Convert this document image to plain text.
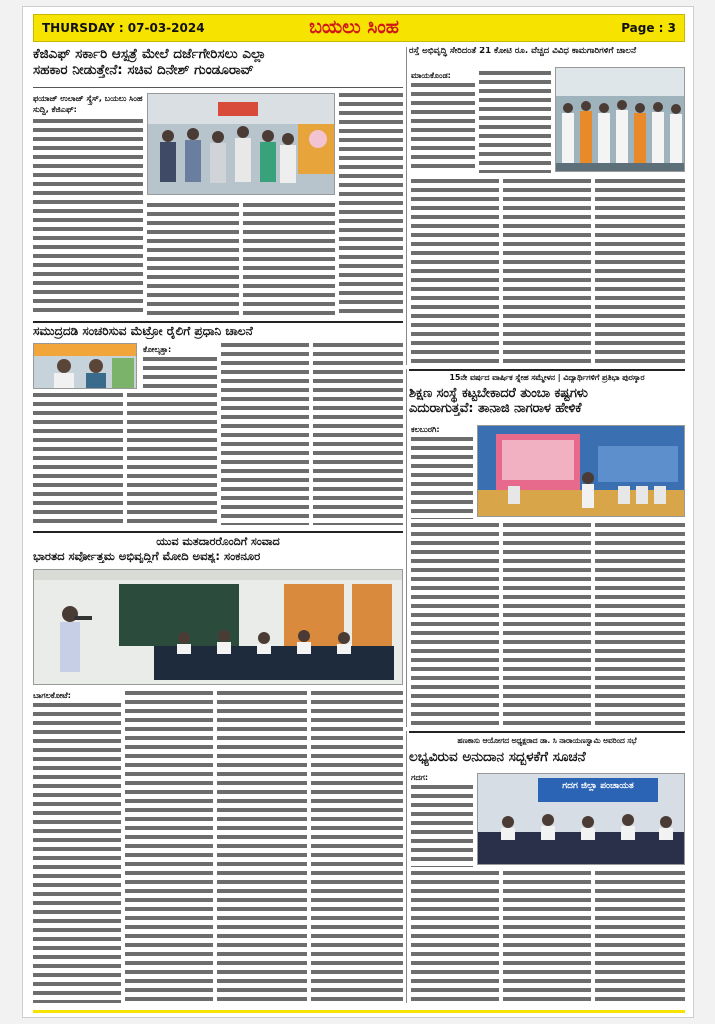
THURSDAY : 07-03-2024	ಬಯಲು ಸಿಂಹ	Page : 3
ಕೆಜಿಎಫ್ ಸರ್ಕಾರಿ ಆಸ್ಪತ್ರೆ ಮೇಲೆ ದರ್ಜೆಗೇರಿಸಲು ಎಲ್ಲಾ
ಸಹಕಾರ ನೀಡುತ್ತೇನೆ: ಸಚಿವ ದಿನೇಶ್ ಗುಂಡೂರಾವ್
ಫಯಾಜ್ ಉಲಾಜ್ ಸ್ಕ್ರೆಸ್, ಬಯಲು ಸಿಂಹ ಸುದ್ದಿ, ಕೆಜಿಎಫ್:
ರಸ್ತೆ ಅಭಿವೃದ್ಧಿ ಸೇರಿದಂತೆ 21 ಕೋಟಿ ರೂ. ವೆಚ್ಚದ ವಿವಿಧ ಕಾಮಗಾರಿಗಳಿಗೆ ಚಾಲನೆ
ಮಾಯಕೊಂಡ:
ಸಮುದ್ರದಡಿ ಸಂಚರಿಸುವ ಮೆಟ್ರೋ ರೈಲಿಗೆ ಪ್ರಧಾನಿ ಚಾಲನೆ
ಕೋಲ್ಕತ್ತಾ:
ಯುವ ಮತದಾರರೊಂದಿಗೆ ಸಂವಾದ
ಭಾರತದ ಸರ್ವೋತ್ತಮ ಅಭಿವೃದ್ಧಿಗೆ ಮೋದಿ ಅವಶ್ಯ: ಸಂಕನೂರ
ಬಾಗಲಕೋಟೆ:
15ನೇ ವರ್ಷದ ವಾರ್ಷಿಕ ಸ್ನೇಹ ಸಮ್ಮೇಳನ | ವಿದ್ಯಾರ್ಥಿಗಳಿಗೆ ಪ್ರತಿಭಾ ಪುರಸ್ಕಾರ
ಶಿಕ್ಷಣ ಸಂಸ್ಥೆ ಕಟ್ಟಬೇಕಾದರೆ ತುಂಬಾ ಕಷ್ಟಗಳು
ಎದುರಾಗುತ್ತವೆ: ತಾನಾಜಿ ನಾಗರಾಳ ಹೇಳಿಕೆ
ಕಲಬುರಗಿ:
ಹಣಕಾಸು ಆಯೋಗದ ಅಧ್ಯಕ್ಷರಾದ ಡಾ. ಸಿ ನಾರಾಯಣಸ್ವಾಮಿ ಅವರಿಂದ ಸಭೆ
ಲಭ್ಯವಿರುವ ಅನುದಾನ ಸದ್ಬಳಕೆಗೆ ಸೂಚನೆ
ಗದಗ:
ಗದಗ ಜಿಲ್ಲಾ ಪಂಚಾಯತ
